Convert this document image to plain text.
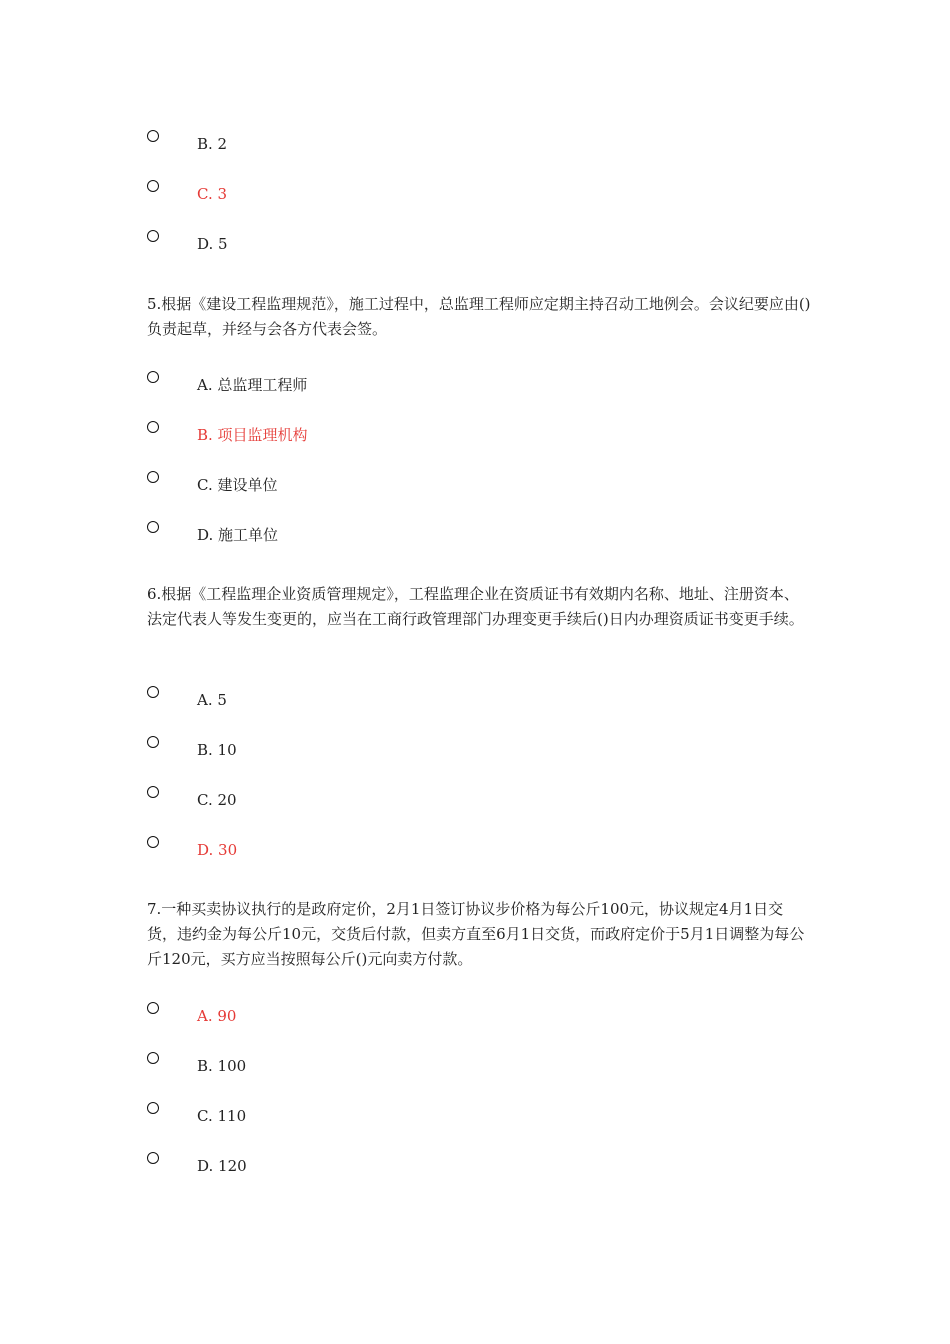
B. 2
C. 3
D. 5

5.根据《建设工程监理规范》，施工过程中，总监理工程师应定期主持召动工地例会。会议纪要应由()负责起草，并经与会各方代表会签。

A. 总监理工程师
B. 项目监理机构
C. 建设单位
D. 施工单位

6.根据《工程监理企业资质管理规定》，工程监理企业在资质证书有效期内名称、地址、注册资本、法定代表人等发生变更的，应当在工商行政管理部门办理变更手续后()日内办理资质证书变更手续。

A. 5
B. 10
C. 20
D. 30

7.一种买卖协议执行的是政府定价，2月1日签订协议步价格为每公斤100元，协议规定4月1日交货，违约金为每公斤10元，交货后付款，但卖方直至6月1日交货，而政府定价于5月1日调整为每公斤120元，买方应当按照每公斤()元向卖方付款。

A. 90
B. 100
C. 110
D. 120
